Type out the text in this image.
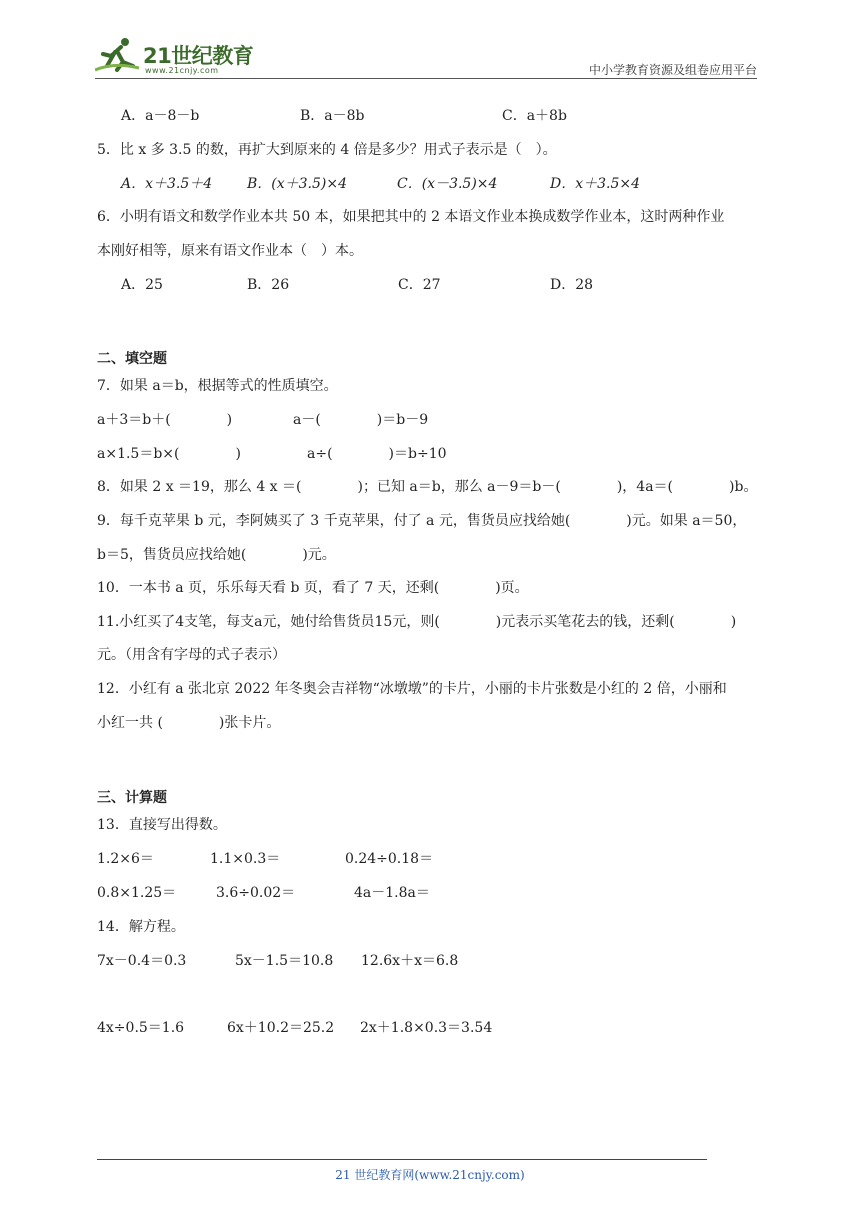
21世纪教育
www.21cnjy.com	中小学教育资源及组卷应用平台
A．a－8－b	B．a－8b	C．a＋8b
5．比 x 多 3.5 的数，再扩大到原来的 4 倍是多少？用式子表示是（　）。
A．x＋3.5＋4 B．(x＋3.5)×4	C．(x－3.5)×4	D．x＋3.5×4
6．小明有语文和数学作业本共 50 本，如果把其中的 2 本语文作业本换成数学作业本，这时两种作业
本刚好相等，原来有语文作业本（　）本。
A．25	B．26	C．27	D．28
二、填空题
7．如果 a＝b，根据等式的性质填空。
a＋3＝b＋(　　　　)	a－(　　　　)＝b－9
a×1.5＝b×(　　　　)	a÷(　　　　)＝b÷10
8．如果 2 x ＝19，那么 4 x ＝(　　　　)；已知 a＝b，那么 a－9＝b－(　　　　)，4a＝(　　　　)b。
9．每千克苹果 b 元，李阿姨买了 3 千克苹果，付了 a 元，售货员应找给她(　　　　)元。如果 a＝50，
b＝5，售货员应找给她(　　　　)元。
10．一本书 a 页，乐乐每天看 b 页，看了 7 天，还剩(　　　　)页。
11.小红买了4支笔，每支a元，她付给售货员15元，则(　　　　)元表示买笔花去的钱，还剩(　　　　)
元。（用含有字母的式子表示）
12．小红有 a 张北京 2022 年冬奥会吉祥物“冰墩墩”的卡片，小丽的卡片张数是小红的 2 倍，小丽和
小红一共 (　　　　)张卡片。
三、计算题
13．直接写出得数。
1.2×6＝	1.1×0.3＝	0.24÷0.18＝
0.8×1.25＝	3.6÷0.02＝	4a－1.8a＝
14．解方程。
7x－0.4＝0.3	5x－1.5＝10.8 12.6x＋x＝6.8
4x÷0.5＝1.6	6x＋10.2＝25.2 2x＋1.8×0.3＝3.54
21 世纪教育网(www.21cnjy.com)
